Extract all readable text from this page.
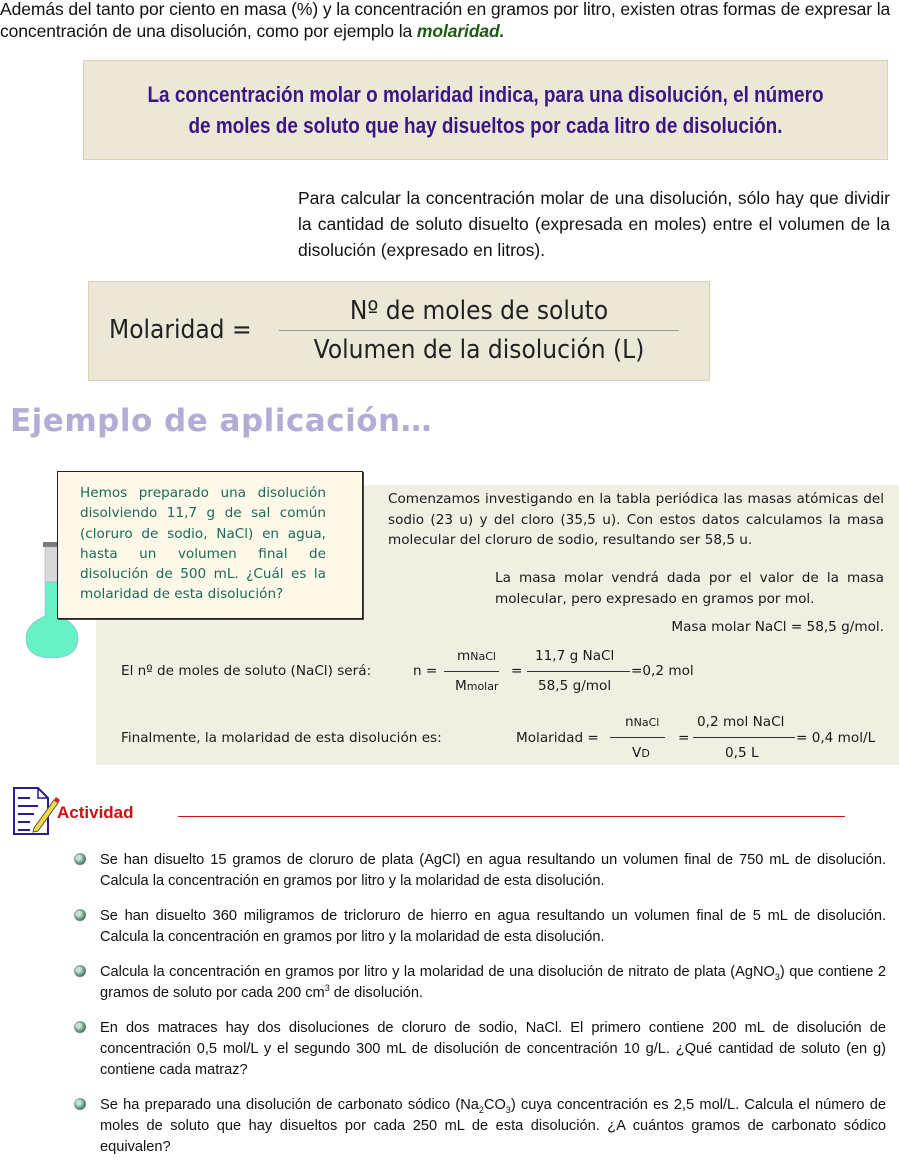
Además del tanto por ciento en masa (%) y la concentración en gramos por litro, existen otras formas de expresar la concentración de una disolución, como por ejemplo la molaridad.
La concentración molar o molaridad indica, para una disolución, el número
de moles de soluto que hay disueltos por cada litro de disolución.
Para calcular la concentración molar de una disolución, sólo hay que dividir la cantidad de soluto disuelto (expresada en moles) entre el volumen de la disolución (expresado en litros).
Molaridad =
Nº de moles de soluto
Volumen de la disolución (L)
Ejemplo de aplicación…
Comenzamos investigando en la tabla periódica las masas atómicas del sodio (23 u) y del cloro (35,5 u). Con estos datos calculamos la masa molecular del cloruro de sodio, resultando ser 58,5 u.
La masa molar vendrá dada por el valor de la masa molecular, pero expresado en gramos por mol.
Masa molar NaCl = 58,5 g/mol.
Hemos preparado una disolución disolviendo 11,7 g de sal común (cloruro de sodio, NaCl) en agua, hasta un volumen final de disolución de 500 mL. ¿Cuál es la molaridad de esta disolución?
El nº de moles de soluto (NaCl) será:	n =
mNaCl
Mmolar
=
11,7 g NaCl
58,5 g/mol
=0,2 mol
Finalmente, la molaridad de esta disolución es:	Molaridad =
nNaCl
VD
=
0,2 mol NaCl
0,5 L
= 0,4 mol/L
Actividad
Se han disuelto 15 gramos de cloruro de plata (AgCl) en agua resultando un volumen final de 750 mL de disolución. Calcula la concentración en gramos por litro y la molaridad de esta disolución.
Se han disuelto 360 miligramos de tricloruro de hierro en agua resultando un volumen final de 5 mL de disolución. Calcula la concentración en gramos por litro y la molaridad de esta disolución.
Calcula la concentración en gramos por litro y la molaridad de una disolución de nitrato de plata (AgNO$_3$) que contiene 2 gramos de soluto por cada 200 $cm^3$ de disolución.
En dos matraces hay dos disoluciones de cloruro de sodio, NaCl. El primero contiene 200 mL de disolución de concentración 0,5 mol/L y el segundo 300 mL de disolución de concentración 10 g/L. ¿Qué cantidad de soluto (en g) contiene cada matraz?
Se ha preparado una disolución de carbonato sódico $(Na_2CO_3)$ cuya concentración es 2,5 mol/L. Calcula el número de moles de soluto que hay disueltos por cada 250 mL de esta disolución. ¿A cuántos gramos de carbonato sódico equivalen?
